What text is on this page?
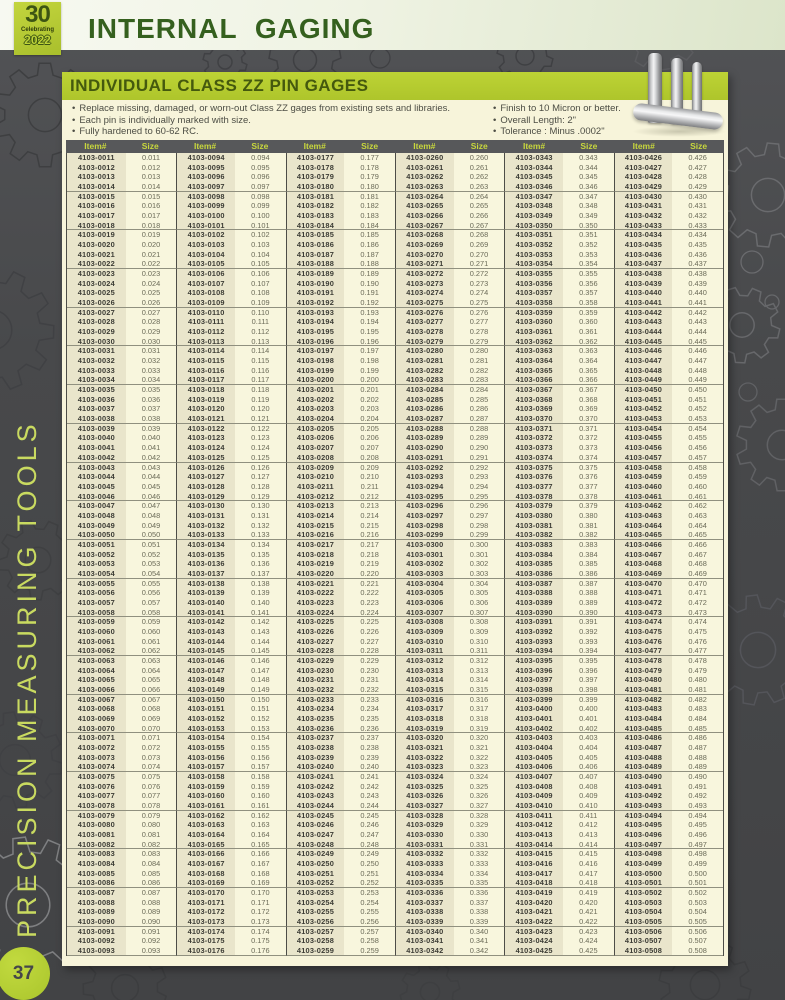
INTERNAL GAGING
30
Celebrating
2022
PRECISION MEASURING TOOLS
INDIVIDUAL CLASS ZZ PIN GAGES
• Replace missing, damaged, or worn-out Class ZZ gages from existing sets and libraries.
• Each pin is individually marked with size.
• Fully hardened to 60-62 RC.
• Finish to 10 Micron or better.
• Overall Length: 2"
• Tolerance : Minus .0002"
Item#	Size	Item#	Size	Item#	Size	Item#	Size	Item#	Size	Item#	Size
4103-0011	0.011	4103-0094	0.094	4103-0177	0.177	4103-0260	0.260	4103-0343	0.343	4103-0426	0.426
4103-0012	0.012	4103-0095	0.095	4103-0178	0.178	4103-0261	0.261	4103-0344	0.344	4103-0427	0.427
4103-0013	0.013	4103-0096	0.096	4103-0179	0.179	4103-0262	0.262	4103-0345	0.345	4103-0428	0.428
4103-0014	0.014	4103-0097	0.097	4103-0180	0.180	4103-0263	0.263	4103-0346	0.346	4103-0429	0.429
4103-0015	0.015	4103-0098	0.098	4103-0181	0.181	4103-0264	0.264	4103-0347	0.347	4103-0430	0.430
4103-0016	0.016	4103-0099	0.099	4103-0182	0.182	4103-0265	0.265	4103-0348	0.348	4103-0431	0.431
4103-0017	0.017	4103-0100	0.100	4103-0183	0.183	4103-0266	0.266	4103-0349	0.349	4103-0432	0.432
4103-0018	0.018	4103-0101	0.101	4103-0184	0.184	4103-0267	0.267	4103-0350	0.350	4103-0433	0.433
4103-0019	0.019	4103-0102	0.102	4103-0185	0.185	4103-0268	0.268	4103-0351	0.351	4103-0434	0.434
4103-0020	0.020	4103-0103	0.103	4103-0186	0.186	4103-0269	0.269	4103-0352	0.352	4103-0435	0.435
4103-0021	0.021	4103-0104	0.104	4103-0187	0.187	4103-0270	0.270	4103-0353	0.353	4103-0436	0.436
4103-0022	0.022	4103-0105	0.105	4103-0188	0.188	4103-0271	0.271	4103-0354	0.354	4103-0437	0.437
4103-0023	0.023	4103-0106	0.106	4103-0189	0.189	4103-0272	0.272	4103-0355	0.355	4103-0438	0.438
4103-0024	0.024	4103-0107	0.107	4103-0190	0.190	4103-0273	0.273	4103-0356	0.356	4103-0439	0.439
4103-0025	0.025	4103-0108	0.108	4103-0191	0.191	4103-0274	0.274	4103-0357	0.357	4103-0440	0.440
4103-0026	0.026	4103-0109	0.109	4103-0192	0.192	4103-0275	0.275	4103-0358	0.358	4103-0441	0.441
4103-0027	0.027	4103-0110	0.110	4103-0193	0.193	4103-0276	0.276	4103-0359	0.359	4103-0442	0.442
4103-0028	0.028	4103-0111	0.111	4103-0194	0.194	4103-0277	0.277	4103-0360	0.360	4103-0443	0.443
4103-0029	0.029	4103-0112	0.112	4103-0195	0.195	4103-0278	0.278	4103-0361	0.361	4103-0444	0.444
4103-0030	0.030	4103-0113	0.113	4103-0196	0.196	4103-0279	0.279	4103-0362	0.362	4103-0445	0.445
4103-0031	0.031	4103-0114	0.114	4103-0197	0.197	4103-0280	0.280	4103-0363	0.363	4103-0446	0.446
4103-0032	0.032	4103-0115	0.115	4103-0198	0.198	4103-0281	0.281	4103-0364	0.364	4103-0447	0.447
4103-0033	0.033	4103-0116	0.116	4103-0199	0.199	4103-0282	0.282	4103-0365	0.365	4103-0448	0.448
4103-0034	0.034	4103-0117	0.117	4103-0200	0.200	4103-0283	0.283	4103-0366	0.366	4103-0449	0.449
4103-0035	0.035	4103-0118	0.118	4103-0201	0.201	4103-0284	0.284	4103-0367	0.367	4103-0450	0.450
4103-0036	0.036	4103-0119	0.119	4103-0202	0.202	4103-0285	0.285	4103-0368	0.368	4103-0451	0.451
4103-0037	0.037	4103-0120	0.120	4103-0203	0.203	4103-0286	0.286	4103-0369	0.369	4103-0452	0.452
4103-0038	0.038	4103-0121	0.121	4103-0204	0.204	4103-0287	0.287	4103-0370	0.370	4103-0453	0.453
4103-0039	0.039	4103-0122	0.122	4103-0205	0.205	4103-0288	0.288	4103-0371	0.371	4103-0454	0.454
4103-0040	0.040	4103-0123	0.123	4103-0206	0.206	4103-0289	0.289	4103-0372	0.372	4103-0455	0.455
4103-0041	0.041	4103-0124	0.124	4103-0207	0.207	4103-0290	0.290	4103-0373	0.373	4103-0456	0.456
4103-0042	0.042	4103-0125	0.125	4103-0208	0.208	4103-0291	0.291	4103-0374	0.374	4103-0457	0.457
4103-0043	0.043	4103-0126	0.126	4103-0209	0.209	4103-0292	0.292	4103-0375	0.375	4103-0458	0.458
4103-0044	0.044	4103-0127	0.127	4103-0210	0.210	4103-0293	0.293	4103-0376	0.376	4103-0459	0.459
4103-0045	0.045	4103-0128	0.128	4103-0211	0.211	4103-0294	0.294	4103-0377	0.377	4103-0460	0.460
4103-0046	0.046	4103-0129	0.129	4103-0212	0.212	4103-0295	0.295	4103-0378	0.378	4103-0461	0.461
4103-0047	0.047	4103-0130	0.130	4103-0213	0.213	4103-0296	0.296	4103-0379	0.379	4103-0462	0.462
4103-0048	0.048	4103-0131	0.131	4103-0214	0.214	4103-0297	0.297	4103-0380	0.380	4103-0463	0.463
4103-0049	0.049	4103-0132	0.132	4103-0215	0.215	4103-0298	0.298	4103-0381	0.381	4103-0464	0.464
4103-0050	0.050	4103-0133	0.133	4103-0216	0.216	4103-0299	0.299	4103-0382	0.382	4103-0465	0.465
4103-0051	0.051	4103-0134	0.134	4103-0217	0.217	4103-0300	0.300	4103-0383	0.383	4103-0466	0.466
4103-0052	0.052	4103-0135	0.135	4103-0218	0.218	4103-0301	0.301	4103-0384	0.384	4103-0467	0.467
4103-0053	0.053	4103-0136	0.136	4103-0219	0.219	4103-0302	0.302	4103-0385	0.385	4103-0468	0.468
4103-0054	0.054	4103-0137	0.137	4103-0220	0.220	4103-0303	0.303	4103-0386	0.386	4103-0469	0.469
4103-0055	0.055	4103-0138	0.138	4103-0221	0.221	4103-0304	0.304	4103-0387	0.387	4103-0470	0.470
4103-0056	0.056	4103-0139	0.139	4103-0222	0.222	4103-0305	0.305	4103-0388	0.388	4103-0471	0.471
4103-0057	0.057	4103-0140	0.140	4103-0223	0.223	4103-0306	0.306	4103-0389	0.389	4103-0472	0.472
4103-0058	0.058	4103-0141	0.141	4103-0224	0.224	4103-0307	0.307	4103-0390	0.390	4103-0473	0.473
4103-0059	0.059	4103-0142	0.142	4103-0225	0.225	4103-0308	0.308	4103-0391	0.391	4103-0474	0.474
4103-0060	0.060	4103-0143	0.143	4103-0226	0.226	4103-0309	0.309	4103-0392	0.392	4103-0475	0.475
4103-0061	0.061	4103-0144	0.144	4103-0227	0.227	4103-0310	0.310	4103-0393	0.393	4103-0476	0.476
4103-0062	0.062	4103-0145	0.145	4103-0228	0.228	4103-0311	0.311	4103-0394	0.394	4103-0477	0.477
4103-0063	0.063	4103-0146	0.146	4103-0229	0.229	4103-0312	0.312	4103-0395	0.395	4103-0478	0.478
4103-0064	0.064	4103-0147	0.147	4103-0230	0.230	4103-0313	0.313	4103-0396	0.396	4103-0479	0.479
4103-0065	0.065	4103-0148	0.148	4103-0231	0.231	4103-0314	0.314	4103-0397	0.397	4103-0480	0.480
4103-0066	0.066	4103-0149	0.149	4103-0232	0.232	4103-0315	0.315	4103-0398	0.398	4103-0481	0.481
4103-0067	0.067	4103-0150	0.150	4103-0233	0.233	4103-0316	0.316	4103-0399	0.399	4103-0482	0.482
4103-0068	0.068	4103-0151	0.151	4103-0234	0.234	4103-0317	0.317	4103-0400	0.400	4103-0483	0.483
4103-0069	0.069	4103-0152	0.152	4103-0235	0.235	4103-0318	0.318	4103-0401	0.401	4103-0484	0.484
4103-0070	0.070	4103-0153	0.153	4103-0236	0.236	4103-0319	0.319	4103-0402	0.402	4103-0485	0.485
4103-0071	0.071	4103-0154	0.154	4103-0237	0.237	4103-0320	0.320	4103-0403	0.403	4103-0486	0.486
4103-0072	0.072	4103-0155	0.155	4103-0238	0.238	4103-0321	0.321	4103-0404	0.404	4103-0487	0.487
4103-0073	0.073	4103-0156	0.156	4103-0239	0.239	4103-0322	0.322	4103-0405	0.405	4103-0488	0.488
4103-0074	0.074	4103-0157	0.157	4103-0240	0.240	4103-0323	0.323	4103-0406	0.406	4103-0489	0.489
4103-0075	0.075	4103-0158	0.158	4103-0241	0.241	4103-0324	0.324	4103-0407	0.407	4103-0490	0.490
4103-0076	0.076	4103-0159	0.159	4103-0242	0.242	4103-0325	0.325	4103-0408	0.408	4103-0491	0.491
4103-0077	0.077	4103-0160	0.160	4103-0243	0.243	4103-0326	0.326	4103-0409	0.409	4103-0492	0.492
4103-0078	0.078	4103-0161	0.161	4103-0244	0.244	4103-0327	0.327	4103-0410	0.410	4103-0493	0.493
4103-0079	0.079	4103-0162	0.162	4103-0245	0.245	4103-0328	0.328	4103-0411	0.411	4103-0494	0.494
4103-0080	0.080	4103-0163	0.163	4103-0246	0.246	4103-0329	0.329	4103-0412	0.412	4103-0495	0.495
4103-0081	0.081	4103-0164	0.164	4103-0247	0.247	4103-0330	0.330	4103-0413	0.413	4103-0496	0.496
4103-0082	0.082	4103-0165	0.165	4103-0248	0.248	4103-0331	0.331	4103-0414	0.414	4103-0497	0.497
4103-0083	0.083	4103-0166	0.166	4103-0249	0.249	4103-0332	0.332	4103-0415	0.415	4103-0498	0.498
4103-0084	0.084	4103-0167	0.167	4103-0250	0.250	4103-0333	0.333	4103-0416	0.416	4103-0499	0.499
4103-0085	0.085	4103-0168	0.168	4103-0251	0.251	4103-0334	0.334	4103-0417	0.417	4103-0500	0.500
4103-0086	0.086	4103-0169	0.169	4103-0252	0.252	4103-0335	0.335	4103-0418	0.418	4103-0501	0.501
4103-0087	0.087	4103-0170	0.170	4103-0253	0.253	4103-0336	0.336	4103-0419	0.419	4103-0502	0.502
4103-0088	0.088	4103-0171	0.171	4103-0254	0.254	4103-0337	0.337	4103-0420	0.420	4103-0503	0.503
4103-0089	0.089	4103-0172	0.172	4103-0255	0.255	4103-0338	0.338	4103-0421	0.421	4103-0504	0.504
4103-0090	0.090	4103-0173	0.173	4103-0256	0.256	4103-0339	0.339	4103-0422	0.422	4103-0505	0.505
4103-0091	0.091	4103-0174	0.174	4103-0257	0.257	4103-0340	0.340	4103-0423	0.423	4103-0506	0.506
4103-0092	0.092	4103-0175	0.175	4103-0258	0.258	4103-0341	0.341	4103-0424	0.424	4103-0507	0.507
4103-0093	0.093	4103-0176	0.176	4103-0259	0.259	4103-0342	0.342	4103-0425	0.425	4103-0508	0.508
37
